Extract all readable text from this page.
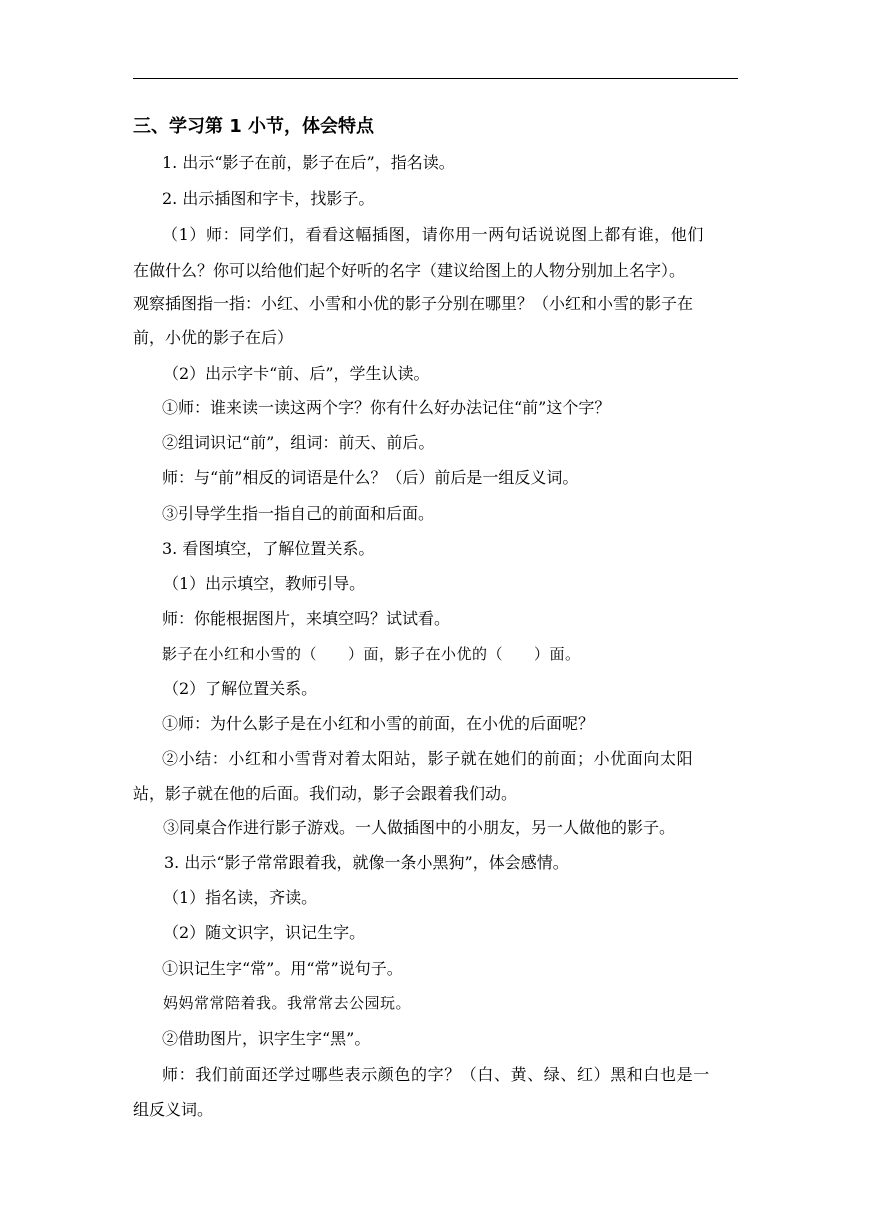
三、学习第 1 小节，体会特点
1. 出示“影子在前，影子在后”，指名读。
2. 出示插图和字卡，找影子。
（1）师：同学们，看看这幅插图，请你用一两句话说说图上都有谁，他们
在做什么？你可以给他们起个好听的名字（建议给图上的人物分别加上名字）。
观察插图指一指：小红、小雪和小优的影子分别在哪里？（小红和小雪的影子在
前，小优的影子在后）
（2）出示字卡“前、后”，学生认读。
①师：谁来读一读这两个字？你有什么好办法记住“前”这个字？
②组词识记“前”，组词：前天、前后。
师：与“前”相反的词语是什么？（后）前后是一组反义词。
③引导学生指一指自己的前面和后面。
3. 看图填空，了解位置关系。
（1）出示填空，教师引导。
师：你能根据图片，来填空吗？试试看。
影子在小红和小雪的（　　）面，影子在小优的（　　）面。
（2）了解位置关系。
①师：为什么影子是在小红和小雪的前面，在小优的后面呢？
②小结：小红和小雪背对着太阳站，影子就在她们的前面；小优面向太阳
站，影子就在他的后面。我们动，影子会跟着我们动。
③同桌合作进行影子游戏。一人做插图中的小朋友，另一人做他的影子。
3. 出示“影子常常跟着我，就像一条小黑狗”，体会感情。
（1）指名读，齐读。
（2）随文识字，识记生字。
①识记生字“常”。用“常”说句子。
妈妈常常陪着我。我常常去公园玩。
②借助图片，识字生字“黑”。
师：我们前面还学过哪些表示颜色的字？（白、黄、绿、红）黑和白也是一
组反义词。
